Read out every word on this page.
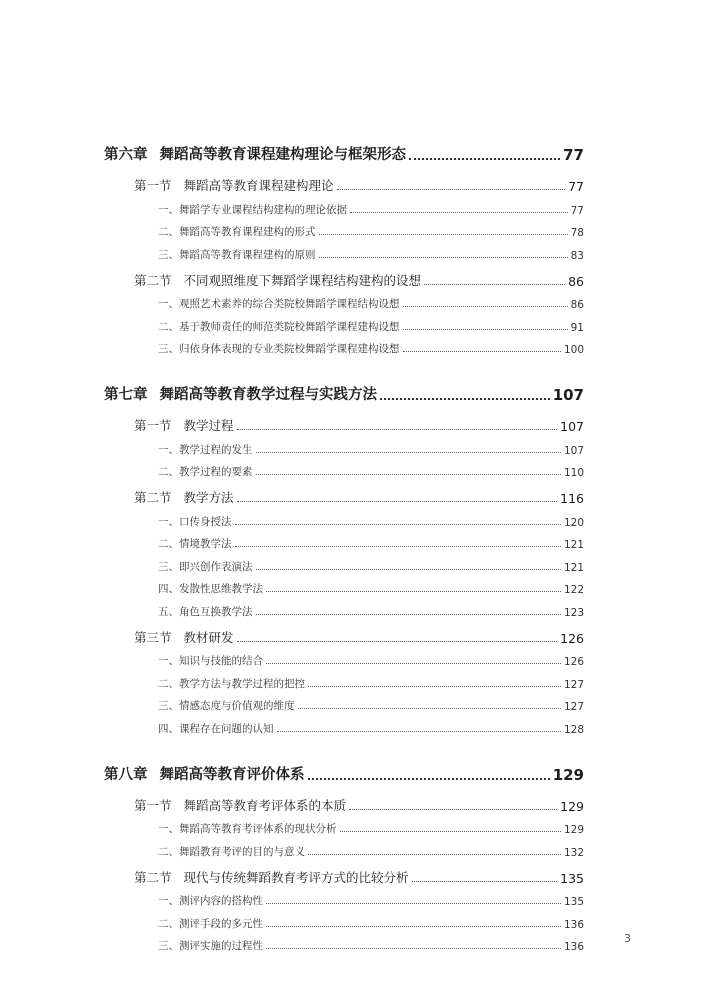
第六章 舞蹈高等教育课程建构理论与框架形态	77
第一节 舞蹈高等教育课程建构理论	77
一、舞蹈学专业课程结构建构的理论依据	77
二、舞蹈高等教育课程建构的形式	78
三、舞蹈高等教育课程建构的原则	83
第二节 不同观照维度下舞蹈学课程结构建构的设想	86
一、观照艺术素养的综合类院校舞蹈学课程结构设想	86
二、基于教师责任的师范类院校舞蹈学课程建构设想	91
三、归依身体表现的专业类院校舞蹈学课程建构设想	100
第七章 舞蹈高等教育教学过程与实践方法	107
第一节 教学过程	107
一、教学过程的发生	107
二、教学过程的要素	110
第二节 教学方法	116
一、口传身授法	120
二、情境教学法	121
三、即兴创作表演法	121
四、发散性思维教学法	122
五、角色互换教学法	123
第三节 教材研发	126
一、知识与技能的结合	126
二、教学方法与教学过程的把控	127
三、情感态度与价值观的维度	127
四、课程存在问题的认知	128
第八章 舞蹈高等教育评价体系	129
第一节 舞蹈高等教育考评体系的本质	129
一、舞蹈高等教育考评体系的现状分析	129
二、舞蹈教育考评的目的与意义	132
第二节 现代与传统舞蹈教育考评方式的比较分析	135
一、测评内容的搭构性	135
二、测评手段的多元性	136
三、测评实施的过程性	136
3
